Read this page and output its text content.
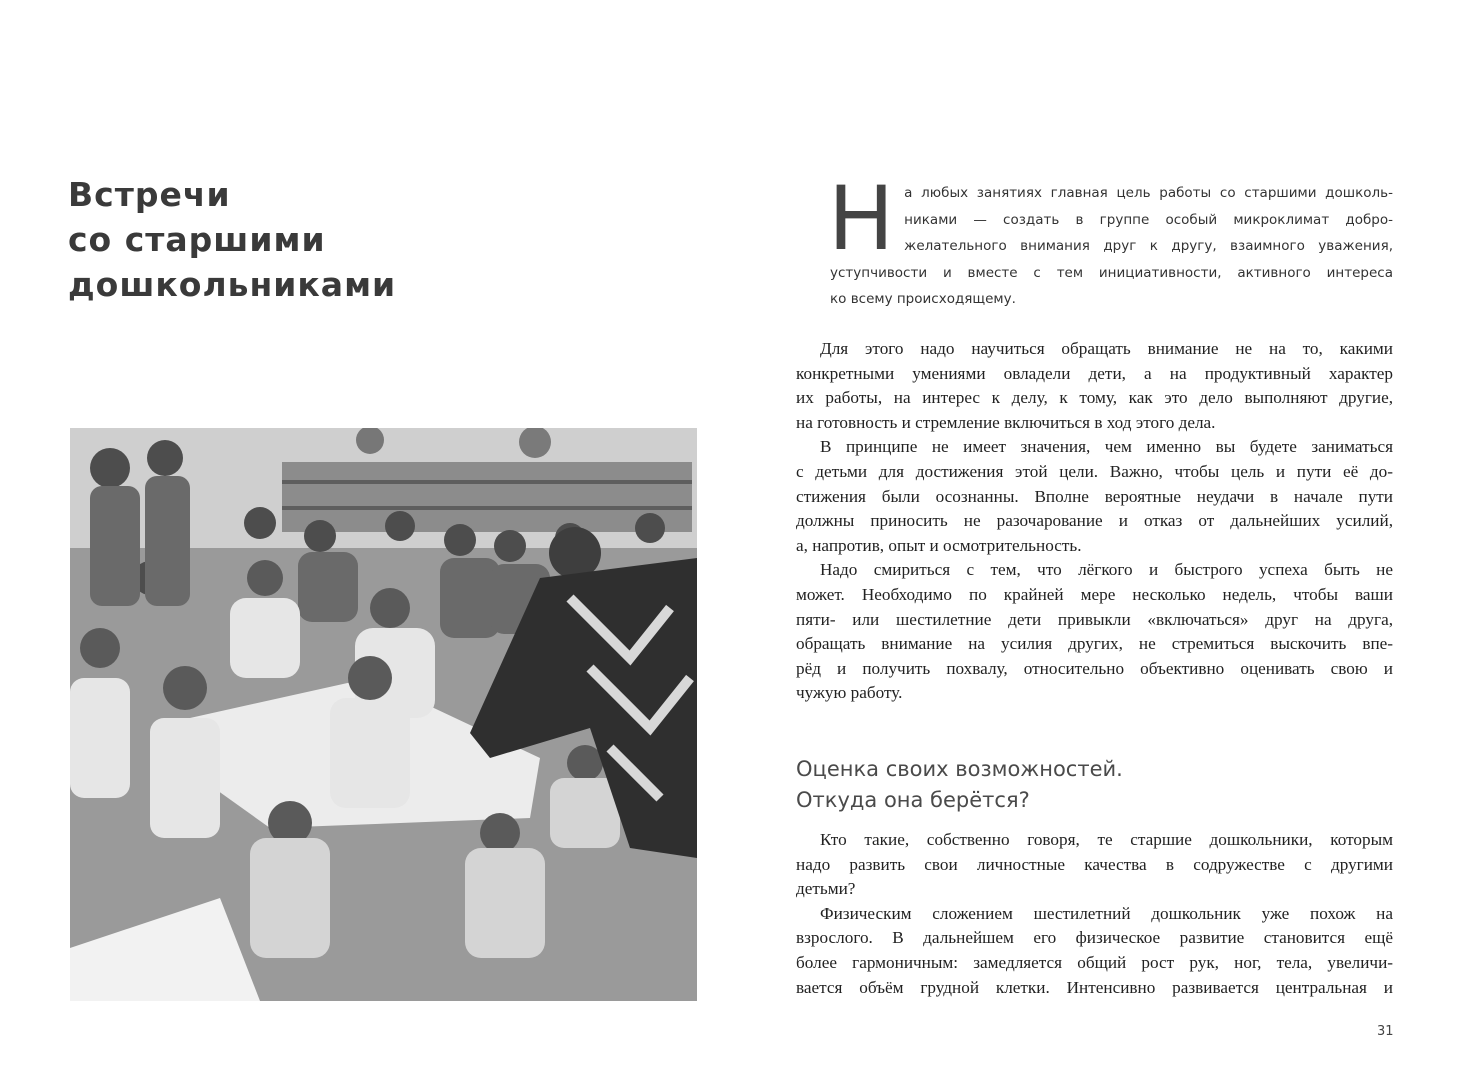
Встречи
со старшими
дошкольниками
Н а любых занятиях главная цель работы со старшими дошколь-
никами — создать в группе особый микроклимат добро-
желательного внимания друг к другу, взаимного уважения,
уступчивости и вместе с тем инициативности, активного интереса
ко всему происходящему.
Для этого надо научиться обращать внимание не на то, какими
конкретными умениями овладели дети, а на продуктивный характер
их работы, на интерес к делу, к тому, как это дело выполняют другие,
на готовность и стремление включиться в ход этого дела.
В принципе не имеет значения, чем именно вы будете заниматься
с детьми для достижения этой цели. Важно, чтобы цель и пути её до-
стижения были осознанны. Вполне вероятные неудачи в начале пути
должны приносить не разочарование и отказ от дальнейших усилий,
а, напротив, опыт и осмотрительность.
Надо смириться с тем, что лёгкого и быстрого успеха быть не
может. Необходимо по крайней мере несколько недель, чтобы ваши
пяти- или шестилетние дети привыкли «включаться» друг на друга,
обращать внимание на усилия других, не стремиться выскочить впе-
рёд и получить похвалу, относительно объективно оценивать свою и
чужую работу.
Оценка своих возможностей.
Откуда она берётся?
Кто такие, собственно говоря, те старшие дошкольники, которым
надо развить свои личностные качества в содружестве с другими
детьми?
Физическим сложением шестилетний дошкольник уже похож на
взрослого. В дальнейшем его физическое развитие становится ещё
более гармоничным: замедляется общий рост рук, ног, тела, увеличи-
вается объём грудной клетки. Интенсивно развивается центральная и
31
